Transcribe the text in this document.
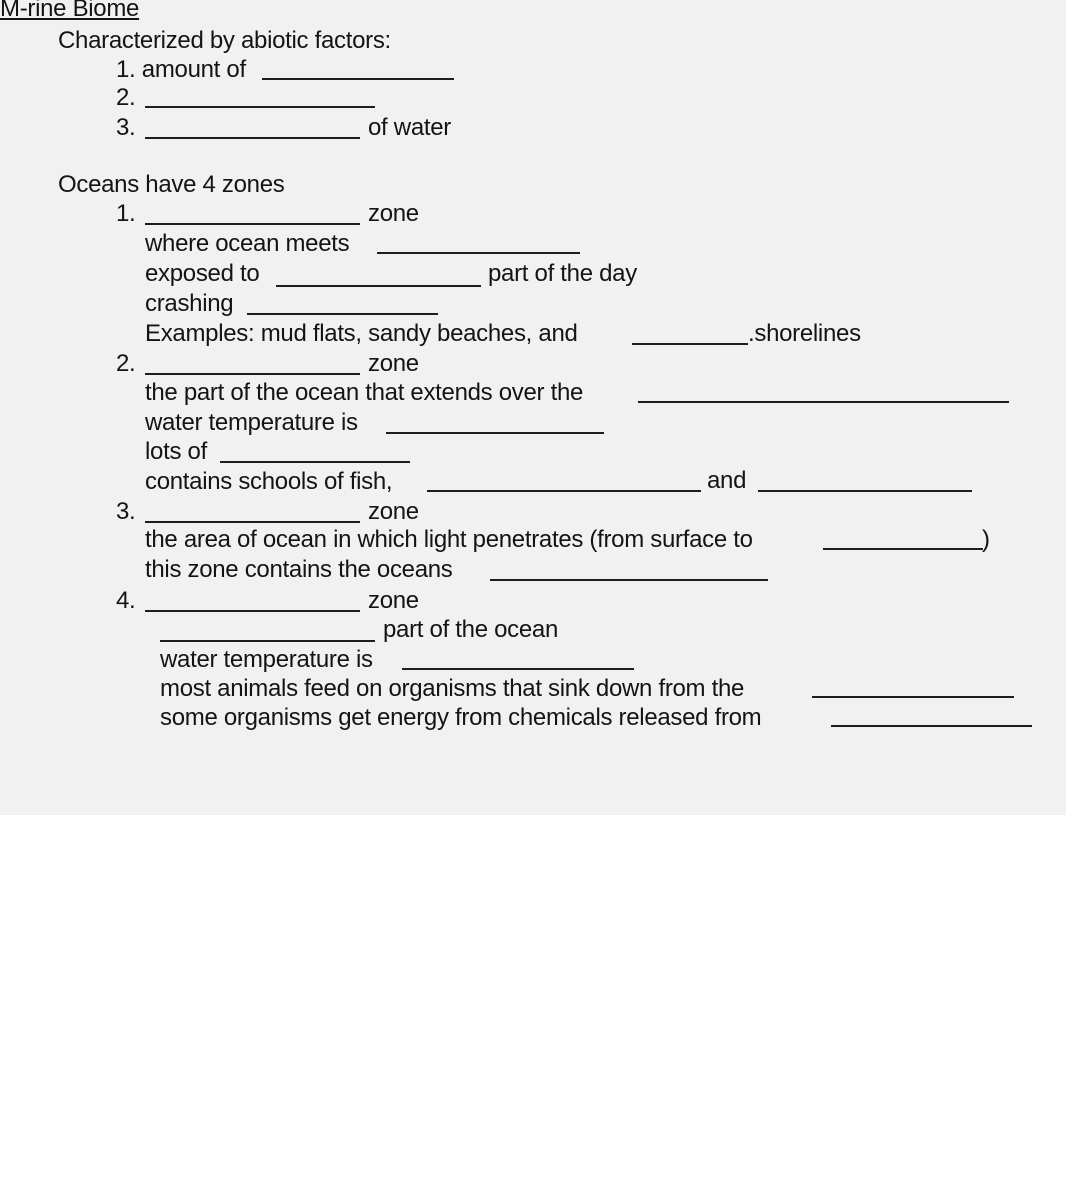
M-rine Biome
Characterized by abiotic factors:
1. amount of
2.
3.	of water
Oceans have 4 zones
1.	zone
where ocean meets
exposed to	part of the day
crashing
Examples: mud flats, sandy beaches, and	.shorelines
2.	zone
the part of the ocean that extends over the
water temperature is
lots of
contains schools of fish,	and
3.	zone
the area of ocean in which light penetrates (from surface to	)
this zone contains the oceans
4.	zone
part of the ocean
water temperature is
most animals feed on organisms that sink down from the
some organisms get energy from chemicals released from
